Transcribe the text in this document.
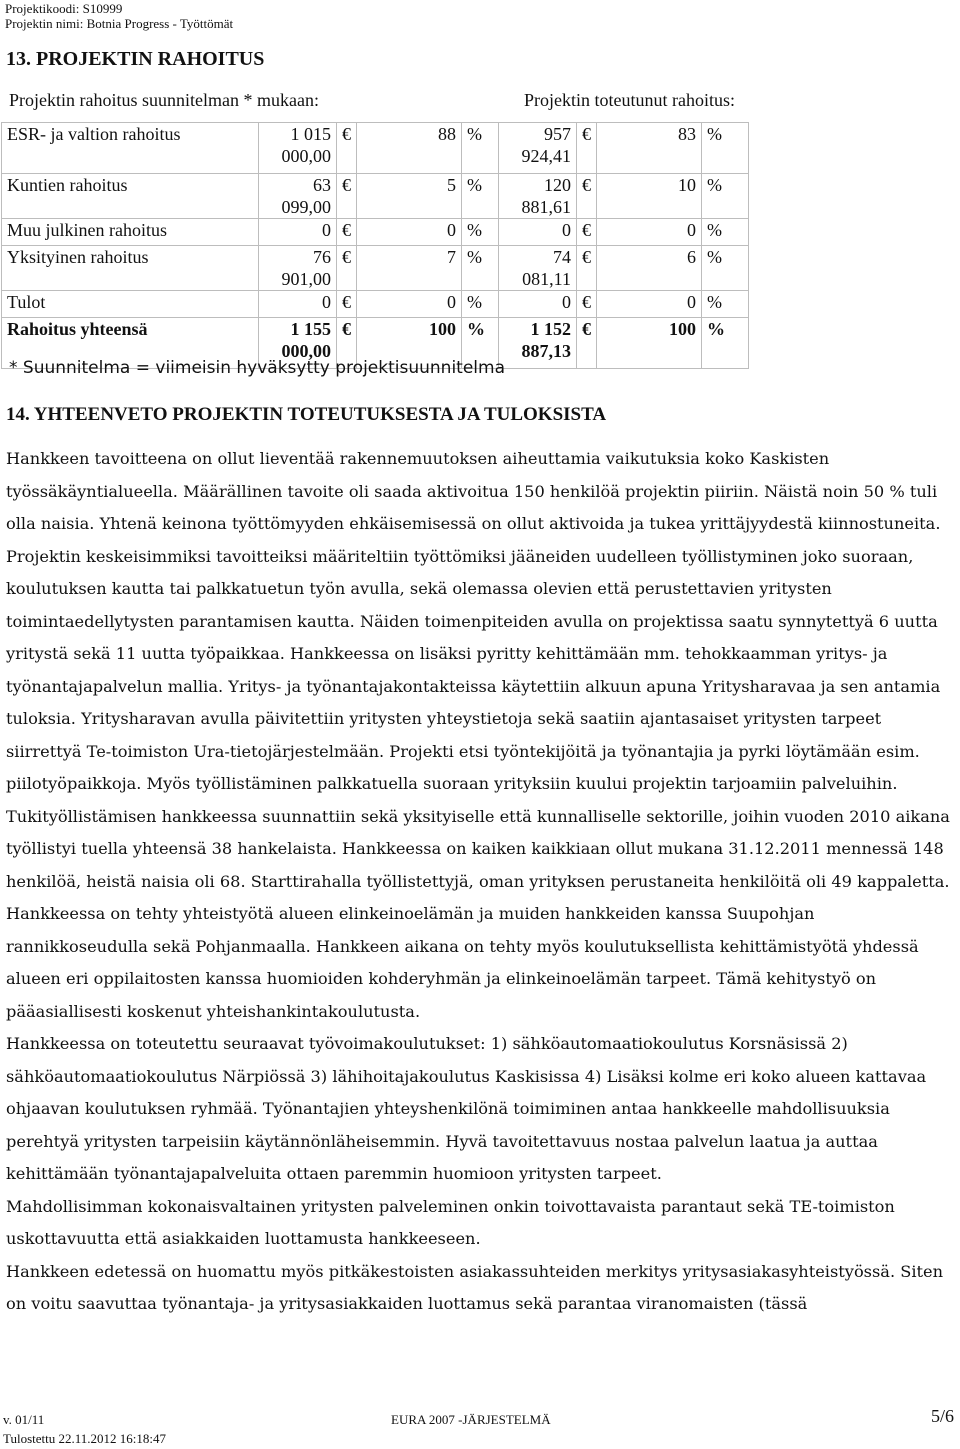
Projektikoodi: S10999
Projektin nimi: Botnia Progress - Työttömät
13. PROJEKTIN RAHOITUS
Projektin rahoitus suunnitelman * mukaan:	Projektin toteutunut rahoitus:
ESR- ja valtion rahoitus	1 015 000,00	€	88	%	957 924,41	€	83	%
Kuntien rahoitus	63 099,00	€	5	%	120 881,61	€	10	%
Muu julkinen rahoitus	0	€	0	%	0	€	0	%
Yksityinen rahoitus	76 901,00	€	7	%	74 081,11	€	6	%
Tulot	0	€	0	%	0	€	0	%
Rahoitus yhteensä	1 155 000,00	€	100	%	1 152 887,13	€	100	%
* Suunnitelma = viimeisin hyväksytty projektisuunnitelma
14. YHTEENVETO PROJEKTIN TOTEUTUKSESTA JA TULOKSISTA

Hankkeen tavoitteena on ollut lieventää rakennemuutoksen aiheuttamia vaikutuksia koko Kaskisten työssäkäyntialueella. Määrällinen tavoite oli saada aktivoitua 150 henkilöä projektin piiriin. Näistä noin 50 % tuli olla naisia. Yhtenä keinona työttömyyden ehkäisemisessä on ollut aktivoida ja tukea yrittäjyydestä kiinnostuneita.

Projektin keskeisimmiksi tavoitteiksi määriteltiin työttömiksi jääneiden uudelleen työllistyminen joko suoraan, koulutuksen kautta tai palkkatuetun työn avulla, sekä olemassa olevien että perustettavien yritysten toimintaedellytysten parantamisen kautta. Näiden toimenpiteiden avulla on projektissa saatu synnytettyä 6 uutta yritystä sekä 11 uutta työpaikkaa. Hankkeessa on lisäksi pyritty kehittämään mm. tehokkaamman yritys- ja työnantajapalvelun mallia. Yritys- ja työnantajakontakteissa käytettiin alkuun apuna Yritysharavaa ja sen antamia tuloksia. Yritysharavan avulla päivitettiin yritysten yhteystietoja sekä saatiin ajantasaiset yritysten tarpeet siirrettyä Te-toimiston Ura-tietojärjestelmään. Projekti etsi työntekijöitä ja työnantajia ja pyrki löytämään esim. piilotyöpaikkoja. Myös työllistäminen palkkatuella suoraan yrityksiin kuului projektin tarjoamiin palveluihin. Tukityöllistämisen hankkeessa suunnattiin sekä yksityiselle että kunnalliselle sektorille, joihin vuoden 2010 aikana työllistyi tuella yhteensä 38 hankelaista. Hankkeessa on kaiken kaikkiaan ollut mukana 31.12.2011 mennessä 148 henkilöä, heistä naisia oli 68. Starttirahalla työllistettyjä, oman yrityksen perustaneita henkilöitä oli 49 kappaletta.

Hankkeessa on tehty yhteistyötä alueen elinkeinoelämän ja muiden hankkeiden kanssa Suupohjan rannikkoseudulla sekä Pohjanmaalla. Hankkeen aikana on tehty myös koulutuksellista kehittämistyötä yhdessä alueen eri oppilaitosten kanssa huomioiden kohderyhmän ja elinkeinoelämän tarpeet. Tämä kehitystyö on pääasiallisesti koskenut yhteishankintakoulutusta.

Hankkeessa on toteutettu seuraavat työvoimakoulutukset: 1) sähköautomaatiokoulutus Korsnäsissä 2) sähköautomaatiokoulutus Närpiössä 3) lähihoitajakoulutus Kaskisissa 4) Lisäksi kolme eri koko alueen kattavaa ohjaavan koulutuksen ryhmää. Työnantajien yhteyshenkilönä toimiminen antaa hankkeelle mahdollisuuksia perehtyä yritysten tarpeisiin käytännönläheisemmin. Hyvä tavoitettavuus nostaa palvelun laatua ja auttaa kehittämään työnantajapalveluita ottaen paremmin huomioon yritysten tarpeet.

Mahdollisimman kokonaisvaltainen yritysten palveleminen onkin toivottavaista parantaut sekä TE-toimiston uskottavuutta että asiakkaiden luottamusta hankkeeseen.

Hankkeen edetessä on huomattu myös pitkäkestoisten asiakassuhteiden merkitys yritysasiakasyhteistyössä. Siten on voitu saavuttaa työnantaja- ja yritysasiakkaiden luottamus sekä parantaa viranomaisten (tässä

v. 01/11
Tulostettu 22.11.2012 16:18:47
EURA 2007 -JÄRJESTELMÄ	5/6
